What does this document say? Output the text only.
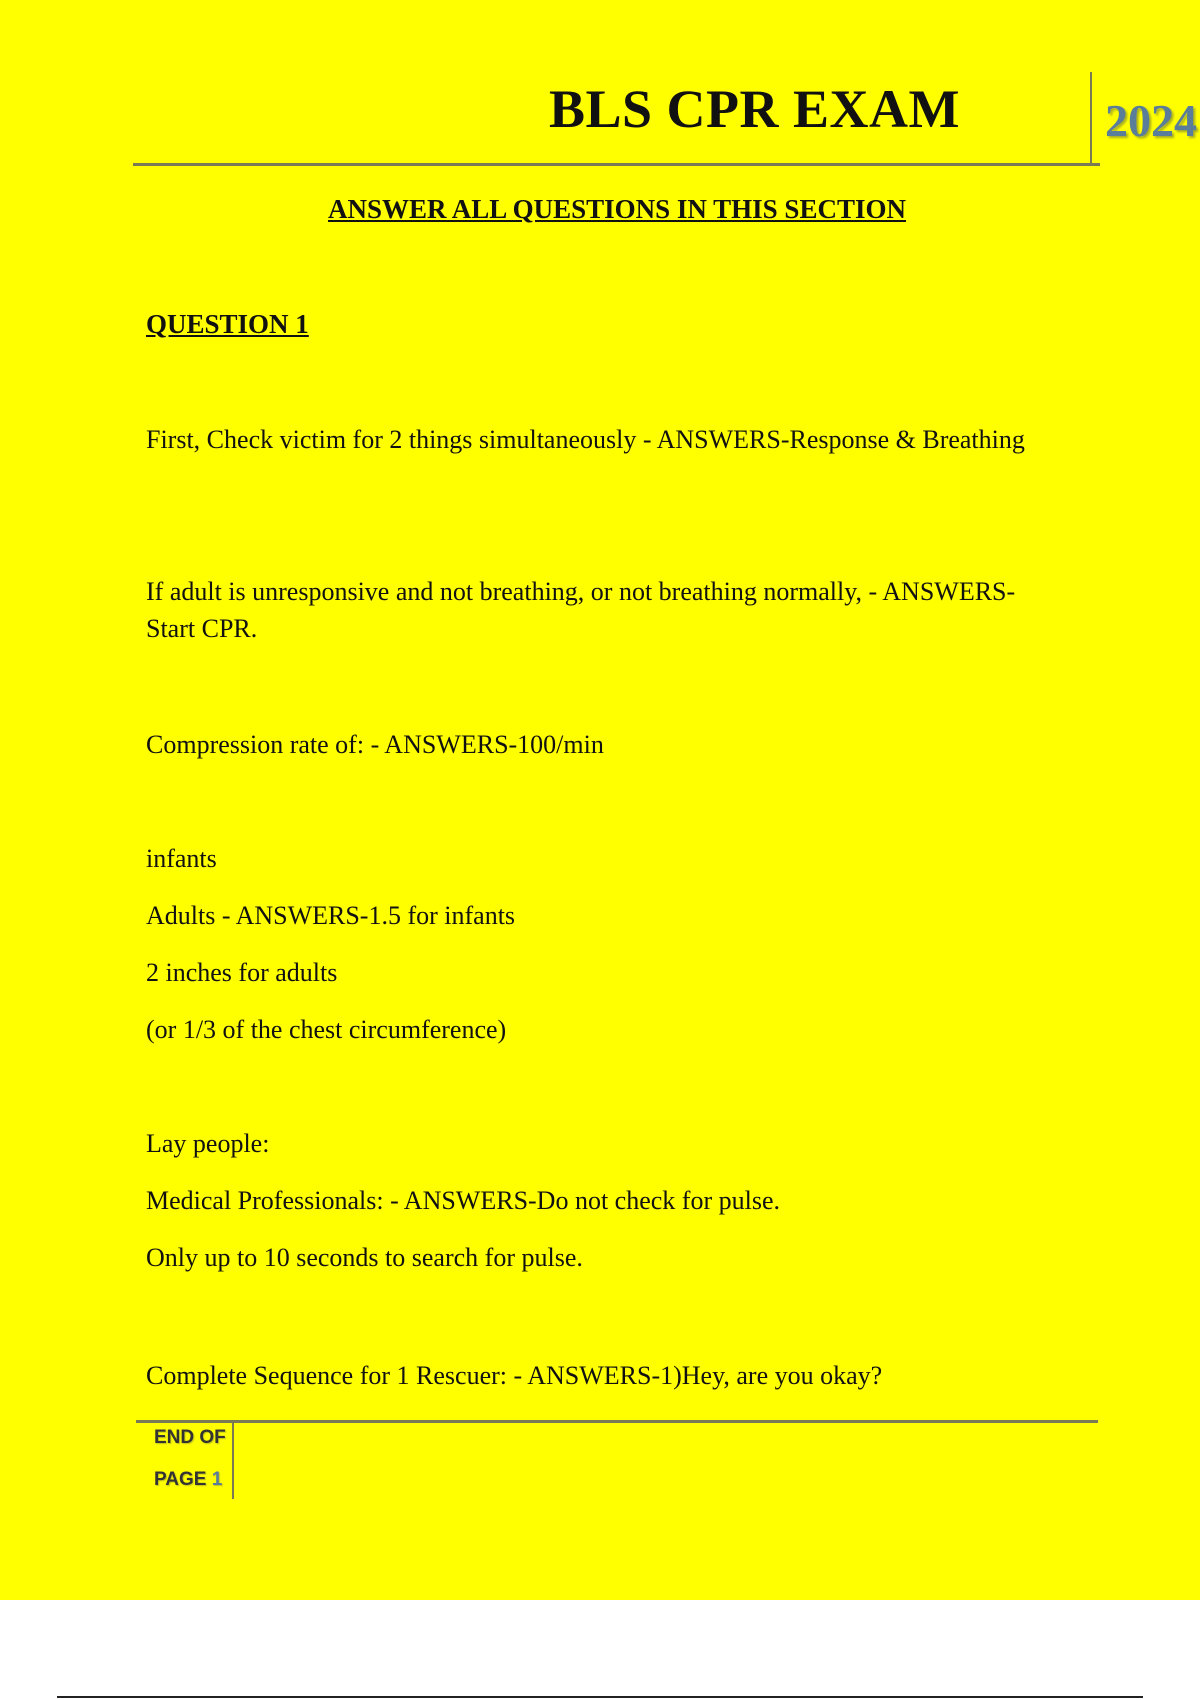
BLS CPR EXAM	2024
ANSWER ALL QUESTIONS IN THIS SECTION
QUESTION 1

First, Check victim for 2 things simultaneously - ANSWERS-Response & Breathing

If adult is unresponsive and not breathing, or not breathing normally, - ANSWERS-Start CPR.

Compression rate of: - ANSWERS-100/min

infants

Adults - ANSWERS-1.5 for infants

2 inches for adults

(or 1/3 of the chest circumference)

Lay people:

Medical Professionals: - ANSWERS-Do not check for pulse.

Only up to 10 seconds to search for pulse.

Complete Sequence for 1 Rescuer: - ANSWERS-1)Hey, are you okay?

END OF
PAGE 1
